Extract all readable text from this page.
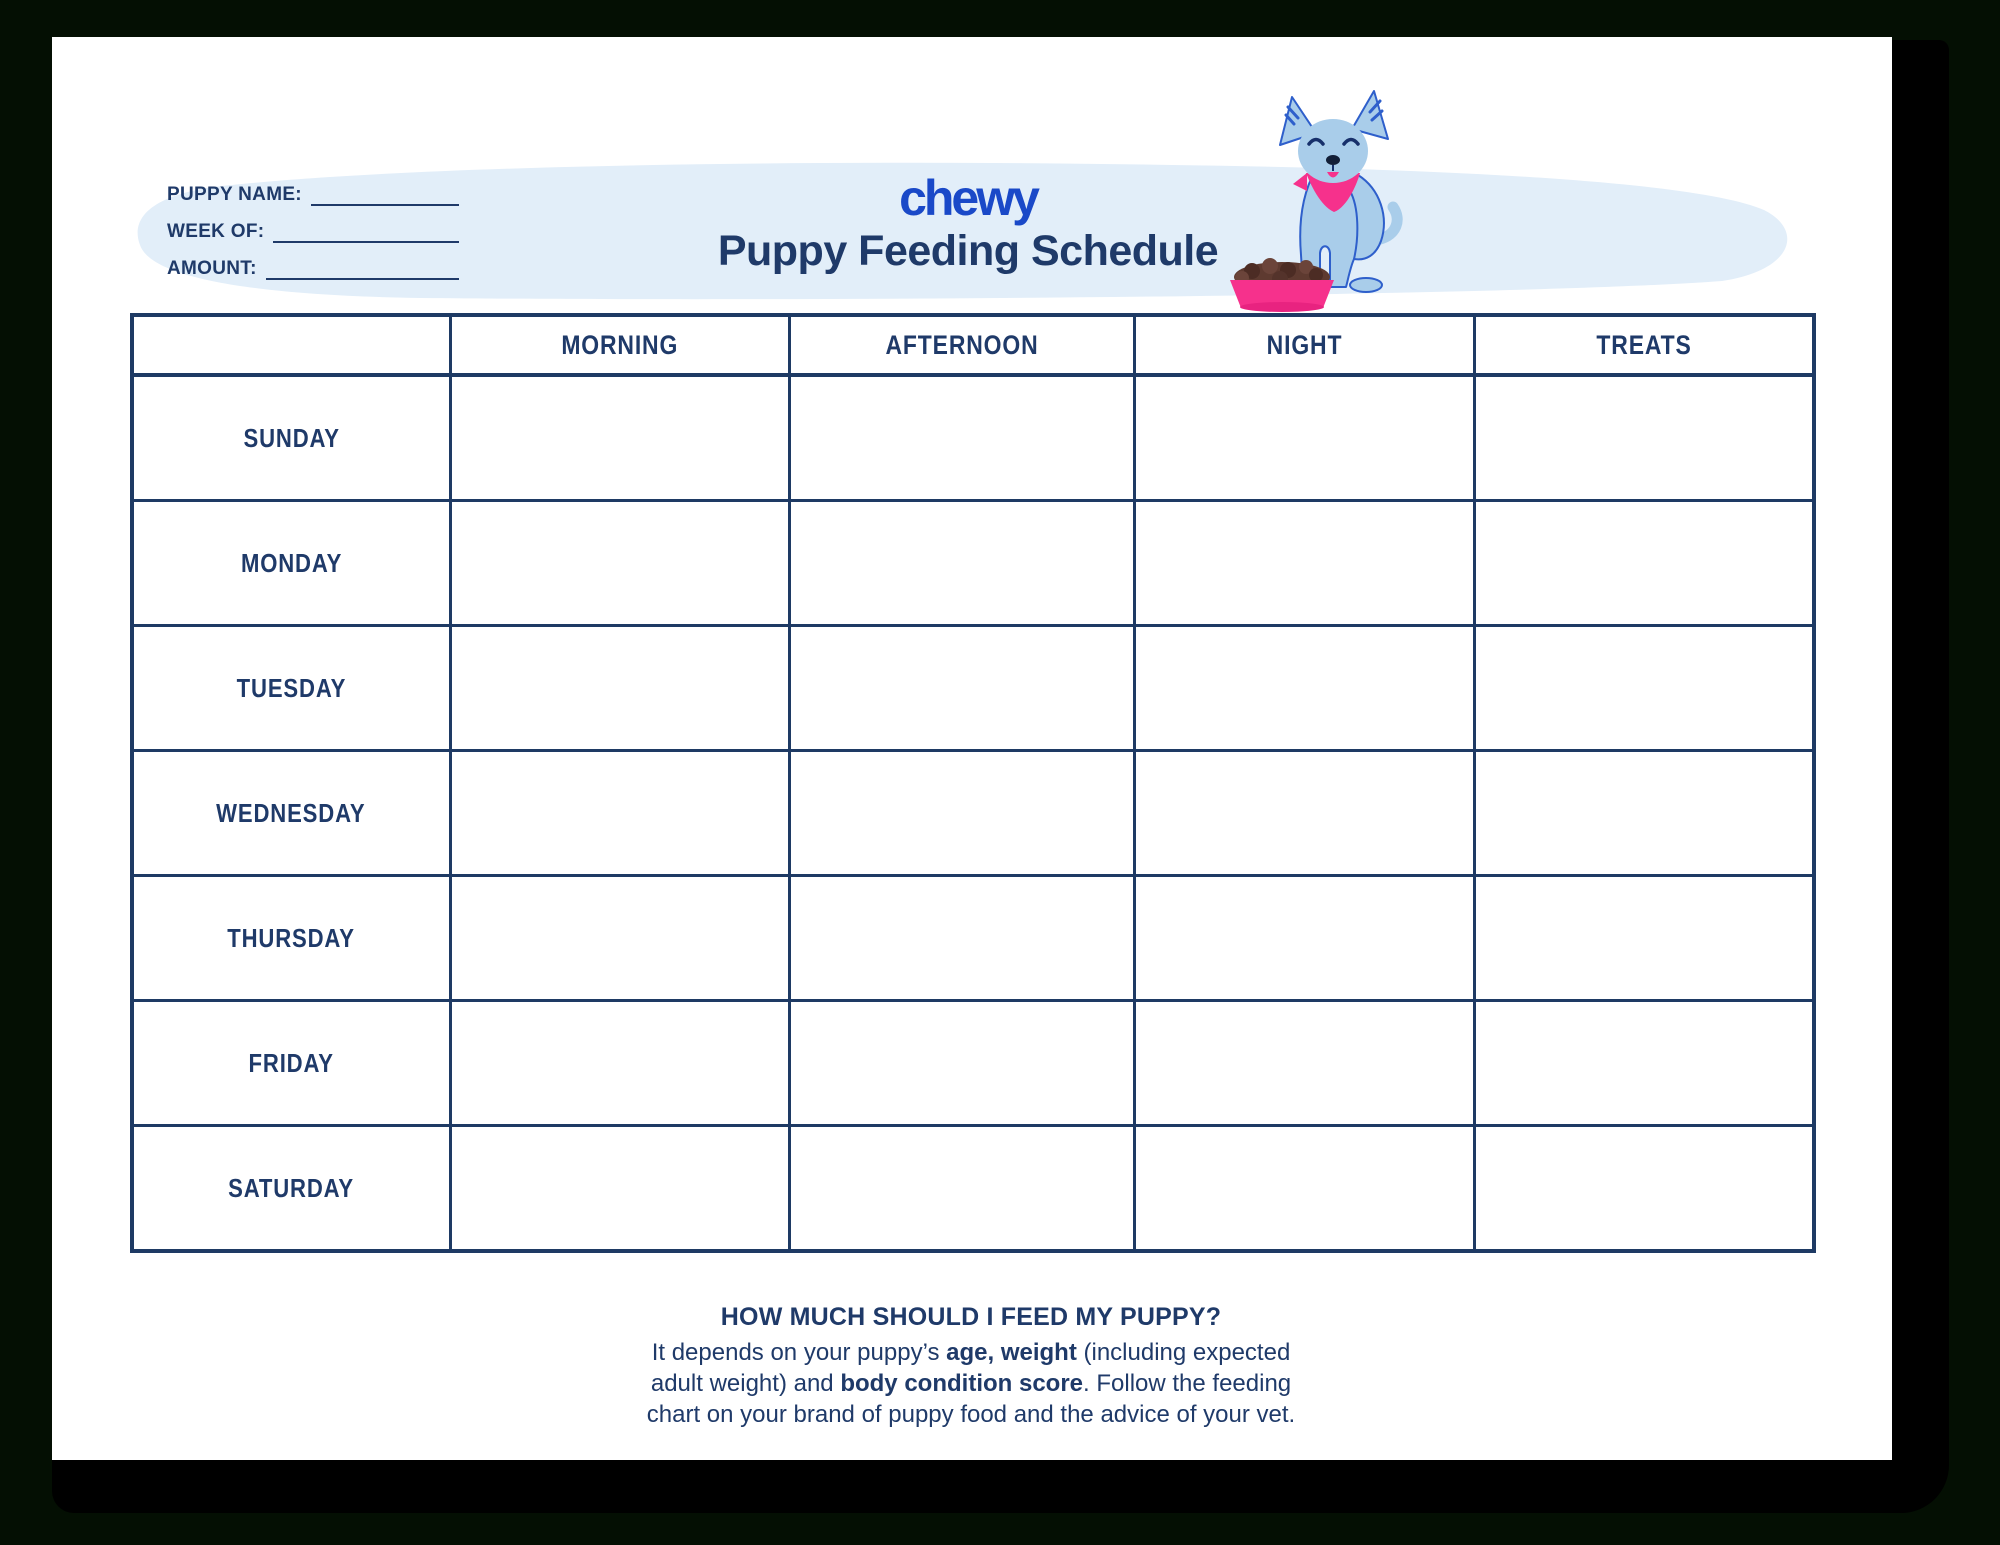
PUPPY NAME:
WEEK OF:
AMOUNT:
chewy
Puppy Feeding Schedule
	MORNING	AFTERNOON	NIGHT	TREATS
SUNDAY				
MONDAY				
TUESDAY				
WEDNESDAY				
THURSDAY				
FRIDAY				
SATURDAY				
HOW MUCH SHOULD I FEED MY PUPPY?
It depends on your puppy’s age, weight (including expected
adult weight) and body condition score. Follow the feeding
chart on your brand of puppy food and the advice of your vet.
